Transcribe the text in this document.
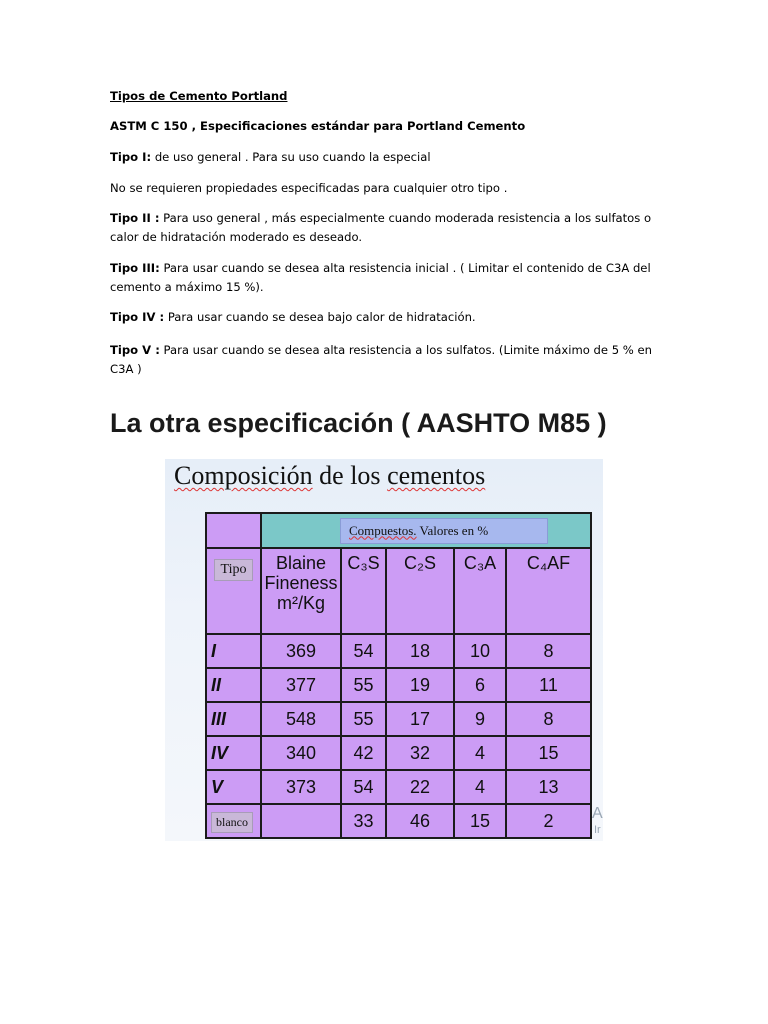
Tipos de Cemento Portland

ASTM C 150 , Especificaciones estándar para Portland Cemento

Tipo I: de uso general . Para su uso cuando la especial

No se requieren propiedades especificadas para cualquier otro tipo .

Tipo II : Para uso general , más especialmente cuando moderada resistencia a los sulfatos o calor de hidratación moderado es deseado.

Tipo III: Para usar cuando se desea alta resistencia inicial . ( Limitar el contenido de C3A del cemento a máximo 15 %).

Tipo IV : Para usar cuando se desea bajo calor de hidratación.

Tipo V : Para usar cuando se desea alta resistencia a los sulfatos. (Limite máximo de 5 % en C3A )

La otra especificación ( AASHTO M85 )
Composición de los cementos
A
Ir
	Compuestos. Valores en %				
Tipo	Blaine
Fineness
m²/Kg	C₃S	C₂S	C₃A	C₄AF
I	369	54	18	10	8
II	377	55	19	6	11
III	548	55	17	9	8
IV	340	42	32	4	15
V	373	54	22	4	13
blanco		33	46	15	2
